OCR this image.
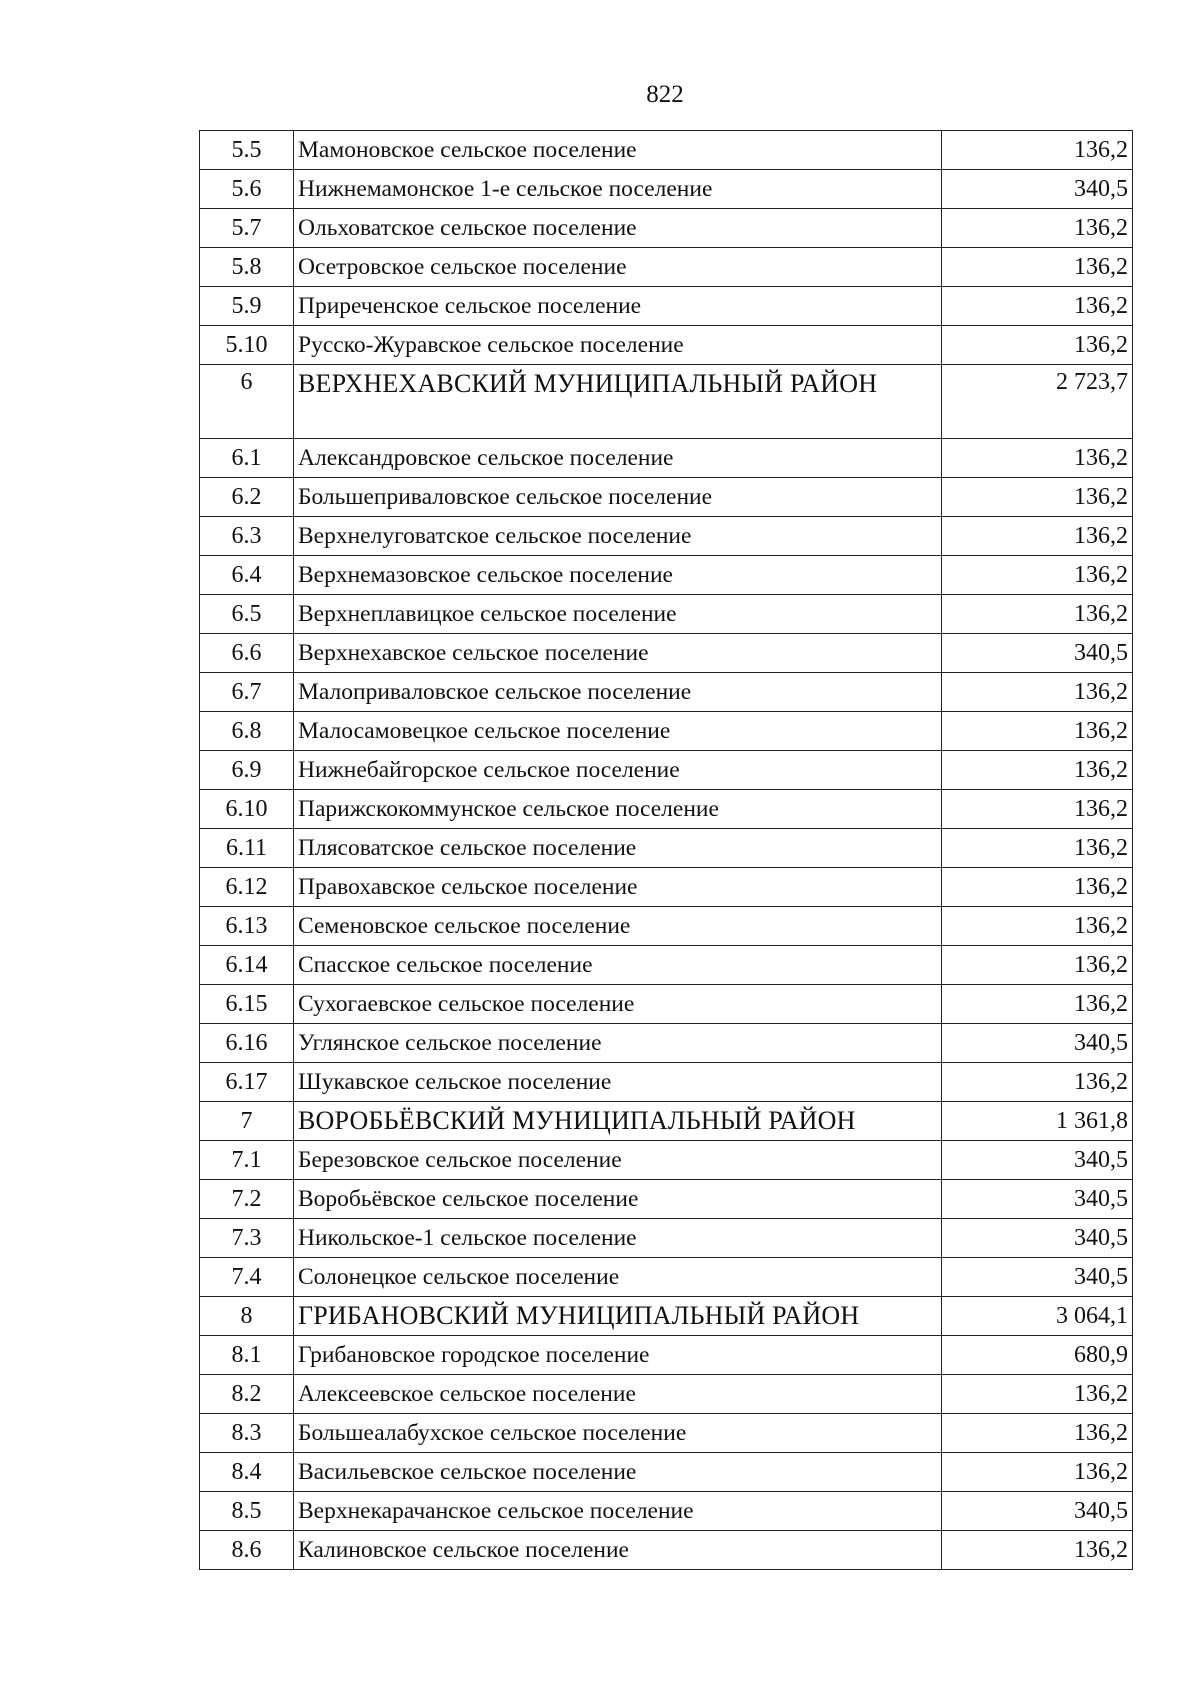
822
5.5	Мамоновское сельское поселение	136,2
5.6	Нижнемамонское 1-е сельское поселение	340,5
5.7	Ольховатское сельское поселение	136,2
5.8	Осетровское сельское поселение	136,2
5.9	Приреченское сельское поселение	136,2
5.10	Русско-Журавское сельское поселение	136,2
6	ВЕРХНЕХАВСКИЙ МУНИЦИПАЛЬНЫЙ РАЙОН	2 723,7
6.1	Александровское сельское поселение	136,2
6.2	Большеприваловское сельское поселение	136,2
6.3	Верхнелуговатское сельское поселение	136,2
6.4	Верхнемазовское сельское поселение	136,2
6.5	Верхнеплавицкое сельское поселение	136,2
6.6	Верхнехавское сельское поселение	340,5
6.7	Малоприваловское сельское поселение	136,2
6.8	Малосамовецкое сельское поселение	136,2
6.9	Нижнебайгорское сельское поселение	136,2
6.10	Парижскокоммунское сельское поселение	136,2
6.11	Плясоватское сельское поселение	136,2
6.12	Правохавское сельское поселение	136,2
6.13	Семеновское сельское поселение	136,2
6.14	Спасское сельское поселение	136,2
6.15	Сухогаевское сельское поселение	136,2
6.16	Углянское сельское поселение	340,5
6.17	Шукавское сельское поселение	136,2
7	ВОРОБЬЁВСКИЙ МУНИЦИПАЛЬНЫЙ РАЙОН	1 361,8
7.1	Березовское сельское поселение	340,5
7.2	Воробьёвское сельское поселение	340,5
7.3	Никольское-1 сельское поселение	340,5
7.4	Солонецкое сельское поселение	340,5
8	ГРИБАНОВСКИЙ МУНИЦИПАЛЬНЫЙ РАЙОН	3 064,1
8.1	Грибановское городское поселение	680,9
8.2	Алексеевское сельское поселение	136,2
8.3	Большеалабухское сельское поселение	136,2
8.4	Васильевское сельское поселение	136,2
8.5	Верхнекарачанское сельское поселение	340,5
8.6	Калиновское сельское поселение	136,2
